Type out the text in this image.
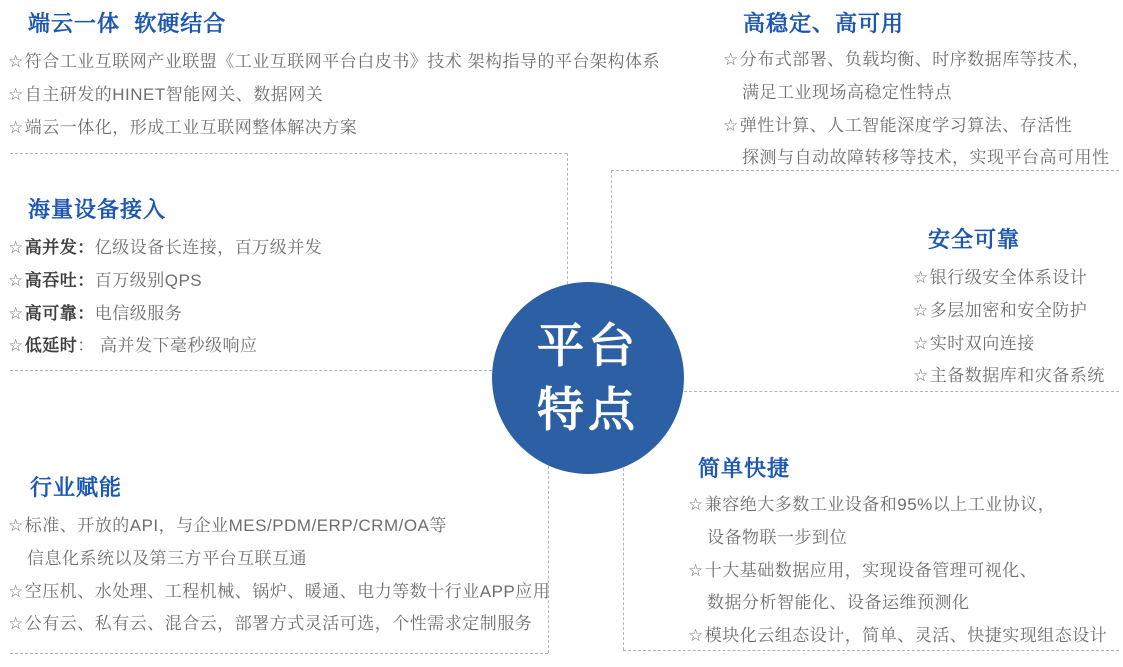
平台
特点
端云一体  软硬结合
☆符合工业互联网产业联盟《工业互联网平台白皮书》技术 架构指导的平台架构体系
☆自主研发的HINET智能网关、数据网关
☆端云一体化，形成工业互联网整体解决方案
高稳定、高可用
☆分布式部署、负载均衡、时序数据库等技术，
满足工业现场高稳定性特点
☆弹性计算、人工智能深度学习算法、存活性
探测与自动故障转移等技术，实现平台高可用性
海量设备接入
☆高并发：亿级设备长连接，百万级并发
☆高吞吐：百万级别QPS
☆高可靠：电信级服务
☆低延时： 高并发下毫秒级响应
安全可靠
☆银行级安全体系设计
☆多层加密和安全防护
☆实时双向连接
☆主备数据库和灾备系统
行业赋能
☆标准、开放的API，与企业MES/PDM/ERP/CRM/OA等
信息化系统以及第三方平台互联互通
☆空压机、水处理、工程机械、锅炉、暖通、电力等数十行业APP应用
☆公有云、私有云、混合云，部署方式灵活可选，个性需求定制服务
简单快捷
☆兼容绝大多数工业设备和95%以上工业协议，
设备物联一步到位
☆十大基础数据应用，实现设备管理可视化、
数据分析智能化、设备运维预测化
☆模块化云组态设计，简单、灵活、快捷实现组态设计
